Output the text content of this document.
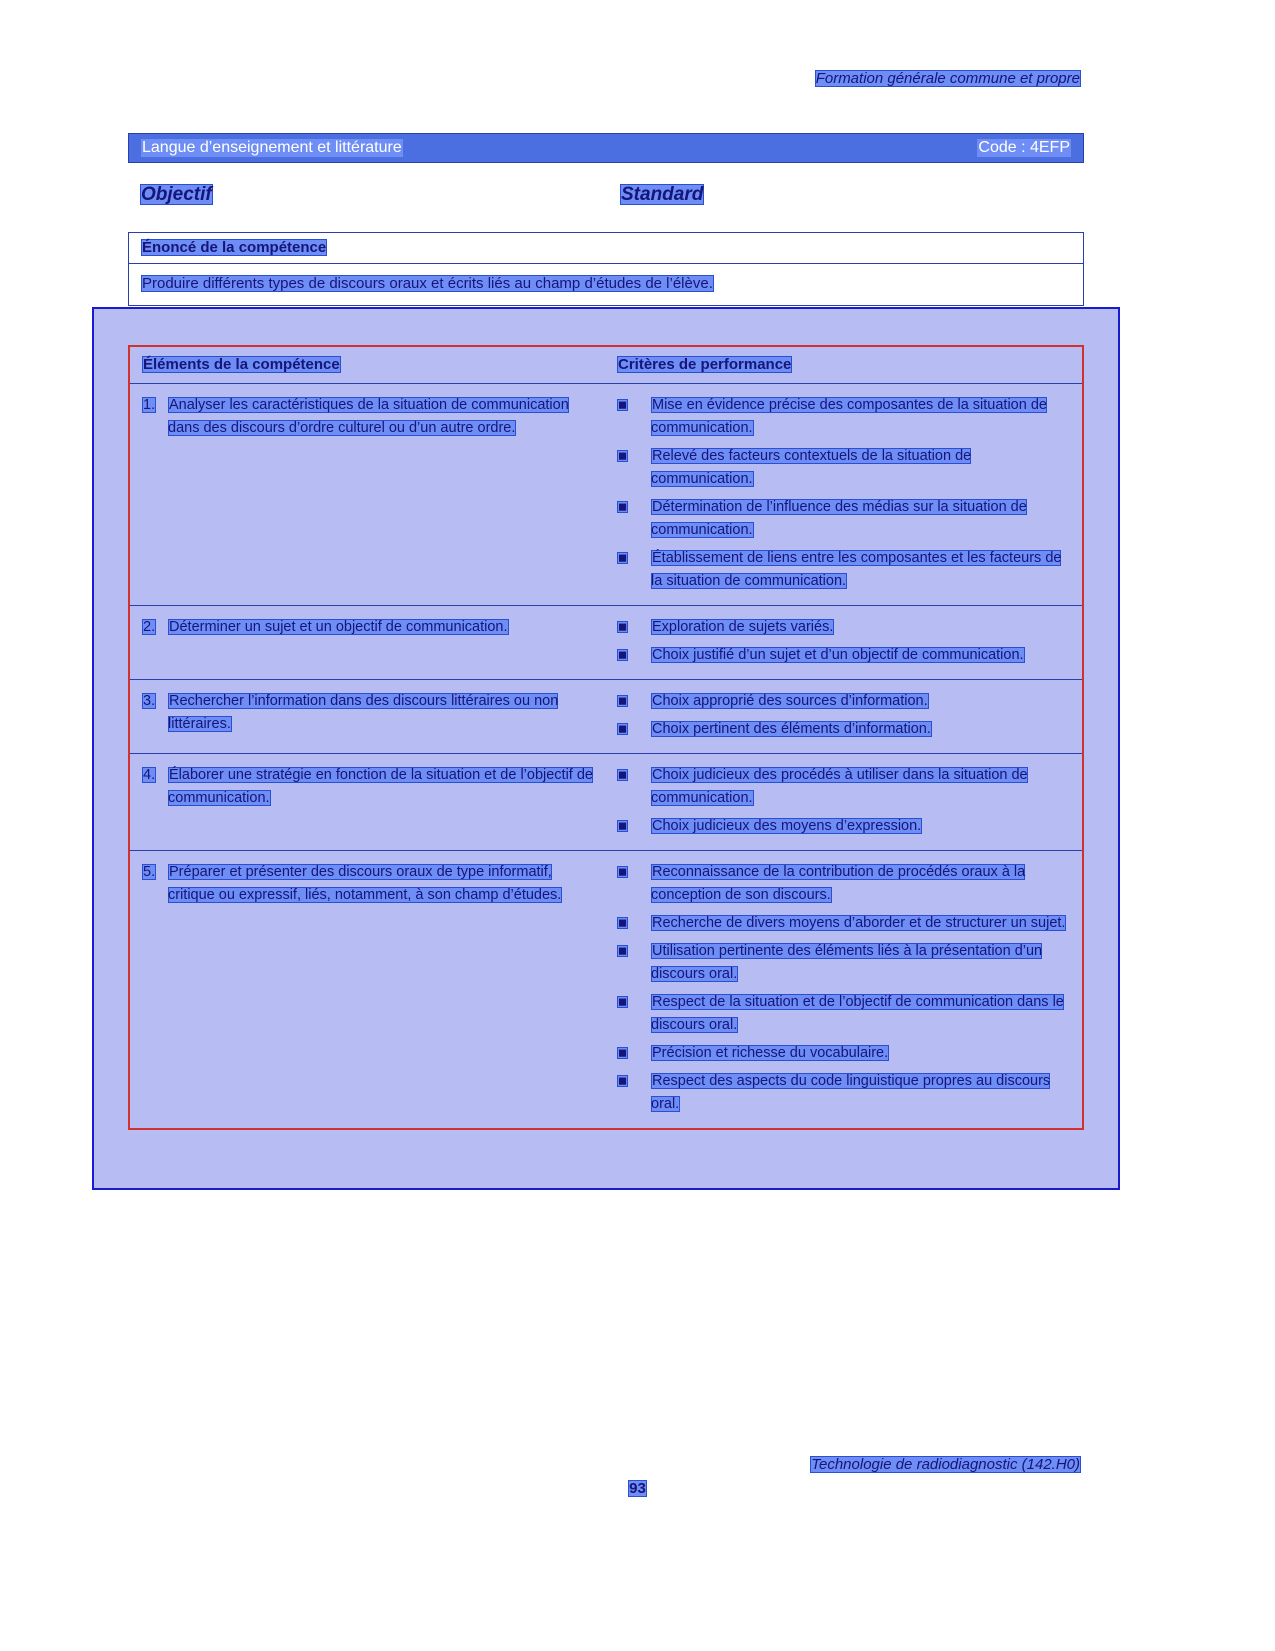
Formation générale commune et propre
Langue d’enseignement et littérature	Code : 4EFP
Objectif	Standard
Énoncé de la compétence
Produire différents types de discours oraux et écrits liés au champ d’études de l’élève.
Éléments de la compétence	Critères de performance
1. Analyser les caractéristiques de la situation de communication dans des discours d’ordre culturel ou d’un autre ordre.
◼	Mise en évidence précise des composantes de la situation de communication.
◼	Relevé des facteurs contextuels de la situation de communication.
◼	Détermination de l’influence des médias sur la situation de communication.
◼	Établissement de liens entre les composantes et les facteurs de la situation de communication.
2. Déterminer un sujet et un objectif de communication.	◼	Exploration de sujets variés.
◼	Choix justifié d’un sujet et d’un objectif de communication.
3. Rechercher l’information dans des discours littéraires ou non littéraires.
◼	Choix approprié des sources d’information.
◼	Choix pertinent des éléments d’information.
4. Élaborer une stratégie en fonction de la situation et de l’objectif de communication.
◼	Choix judicieux des procédés à utiliser dans la situation de communication.
◼	Choix judicieux des moyens d’expression.
5. Préparer et présenter des discours oraux de type informatif, critique ou expressif, liés, notamment, à son champ d’études.
◼	Reconnaissance de la contribution de procédés oraux à la conception de son discours.
◼	Recherche de divers moyens d’aborder et de structurer un sujet.
◼	Utilisation pertinente des éléments liés à la présentation d’un discours oral.
◼	Respect de la situation et de l’objectif de communication dans le discours oral.
◼	Précision et richesse du vocabulaire.
◼	Respect des aspects du code linguistique propres au discours oral.
Technologie de radiodiagnostic (142.H0)
93
